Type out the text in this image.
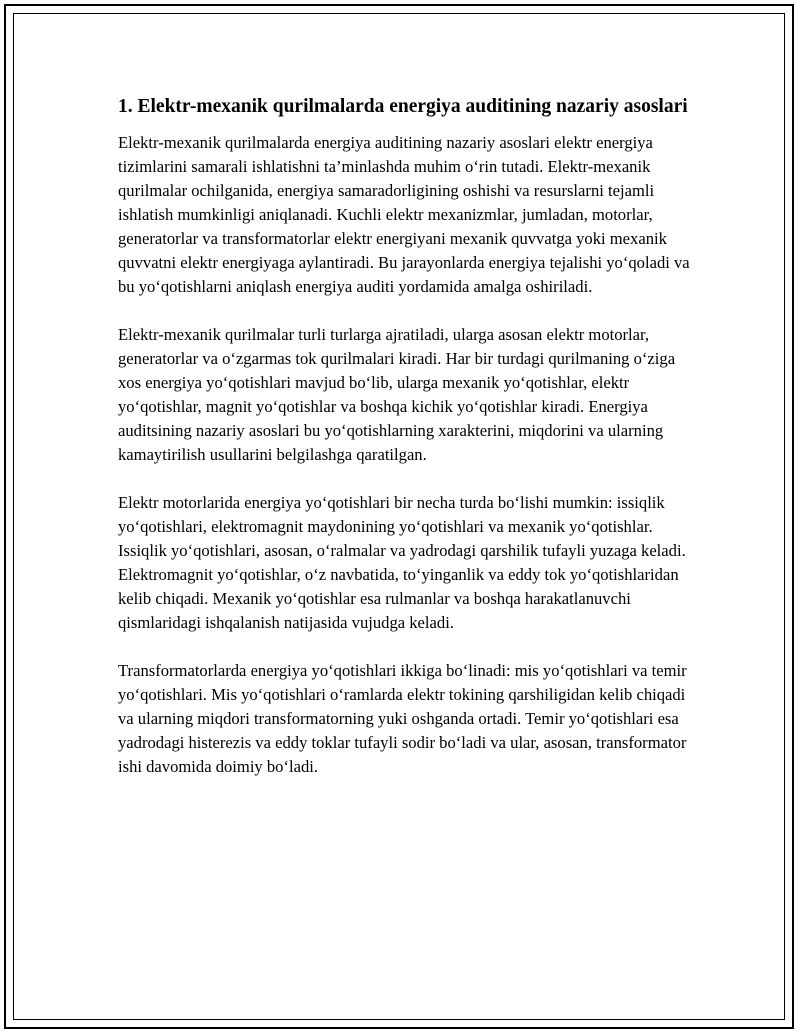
1. Elektr-mexanik qurilmalarda energiya auditining nazariy asoslari

Elektr-mexanik qurilmalarda energiya auditining nazariy asoslari elektr energiya tizimlarini samarali ishlatishni ta’minlashda muhim o‘rin tutadi. Elektr-mexanik qurilmalar ochilganida, energiya samaradorligining oshishi va resurslarni tejamli ishlatish mumkinligi aniqlanadi. Kuchli elektr mexanizmlar, jumladan, motorlar, generatorlar va transformatorlar elektr energiyani mexanik quvvatga yoki mexanik quvvatni elektr energiyaga aylantiradi. Bu jarayonlarda energiya tejalishi yo‘qoladi va bu yo‘qotishlarni aniqlash energiya auditi yordamida amalga oshiriladi.

Elektr-mexanik qurilmalar turli turlarga ajratiladi, ularga asosan elektr motorlar, generatorlar va o‘zgarmas tok qurilmalari kiradi. Har bir turdagi qurilmaning o‘ziga xos energiya yo‘qotishlari mavjud bo‘lib, ularga mexanik yo‘qotishlar, elektr yo‘qotishlar, magnit yo‘qotishlar va boshqa kichik yo‘qotishlar kiradi. Energiya auditsining nazariy asoslari bu yo‘qotishlarning xarakterini, miqdorini va ularning kamaytirilish usullarini belgilashga qaratilgan.

Elektr motorlarida energiya yo‘qotishlari bir necha turda bo‘lishi mumkin: issiqlik yo‘qotishlari, elektromagnit maydonining yo‘qotishlari va mexanik yo‘qotishlar. Issiqlik yo‘qotishlari, asosan, o‘ralmalar va yadrodagi qarshilik tufayli yuzaga keladi. Elektromagnit yo‘qotishlar, o‘z navbatida, to‘yinganlik va eddy tok yo‘qotishlaridan kelib chiqadi. Mexanik yo‘qotishlar esa rulmanlar va boshqa harakatlanuvchi qismlaridagi ishqalanish natijasida vujudga keladi.

Transformatorlarda energiya yo‘qotishlari ikkiga bo‘linadi: mis yo‘qotishlari va temir yo‘qotishlari. Mis yo‘qotishlari o‘ramlarda elektr tokining qarshiligidan kelib chiqadi va ularning miqdori transformatorning yuki oshganda ortadi. Temir yo‘qotishlari esa yadrodagi histerezis va eddy toklar tufayli sodir bo‘ladi va ular, asosan, transformator ishi davomida doimiy bo‘ladi.
